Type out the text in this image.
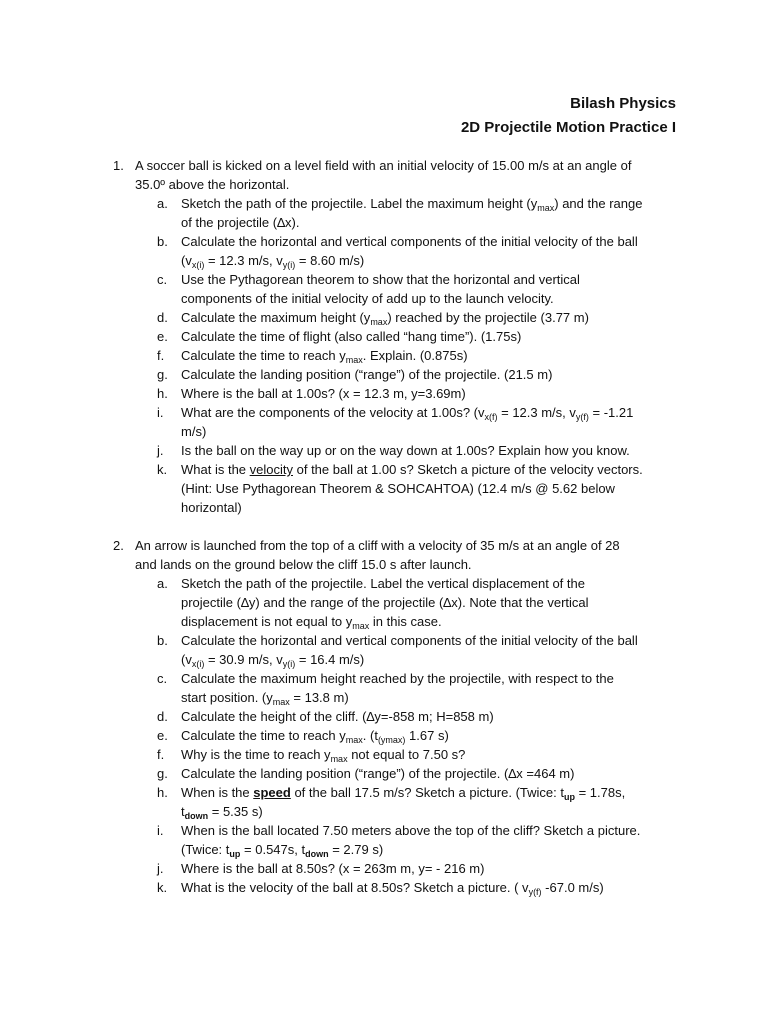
Bilash Physics
2D Projectile Motion Practice I
1. A soccer ball is kicked on a level field with an initial velocity of 15.00 m/s at an angle of
35.0º above the horizontal.
a. Sketch the path of the projectile. Label the maximum height $(y_{max})$ and the range
of the projectile (∆x).
b. Calculate the horizontal and vertical components of the initial velocity of the ball
($v_{x(i)} = 12.3$ m/s, $v_{y(i)} = 8.60$ m/s)
c. Use the Pythagorean theorem to show that the horizontal and vertical
components of the initial velocity of add up to the launch velocity.
d. Calculate the maximum height $(y_{max})$ reached by the projectile (3.77 m)
e. Calculate the time of flight (also called “hang time”). (1.75s)
f. Calculate the time to reach $y_{max}$. Explain. (0.875s)
g. Calculate the landing position (“range”) of the projectile. (21.5 m)
h. Where is the ball at 1.00s? (x = 12.3 m, y=3.69m)
i. What are the components of the velocity at 1.00s? ($v_{x(f)} = 12.3$ m/s, $v_{y(f)} = -1.21$
m/s)
j. Is the ball on the way up or on the way down at 1.00s? Explain how you know.
k. What is the velocity of the ball at 1.00 s? Sketch a picture of the velocity vectors.
(Hint: Use Pythagorean Theorem & SOHCAHTOA) (12.4 m/s @ 5.62 below
horizontal)
2. An arrow is launched from the top of a cliff with a velocity of 35 m/s at an angle of 28
and lands on the ground below the cliff 15.0 s after launch.
a. Sketch the path of the projectile. Label the vertical displacement of the
projectile (∆y) and the range of the projectile (∆x). Note that the vertical
displacement is not equal to $y_{max}$ in this case.
b. Calculate the horizontal and vertical components of the initial velocity of the ball
($v_{x(i)} = 30.9$ m/s, $v_{y(i)} = 16.4$ m/s)
c. Calculate the maximum height reached by the projectile, with respect to the
start position. ($y_{max} = 13.8$ m)
d. Calculate the height of the cliff. (∆y=-858 m; H=858 m)
e. Calculate the time to reach $y_{max}$. ($t_{(ymax)}$ 1.67 s)
f. Why is the time to reach $y_{max}$ not equal to 7.50 s?
g. Calculate the landing position (“range”) of the projectile. (∆x =464 m)
h. When is the speed of the ball 17.5 m/s? Sketch a picture. (Twice: $t_{up} = 1.78s$,
$t_{down} = 5.35$ s)
i. When is the ball located 7.50 meters above the top of the cliff? Sketch a picture.
(Twice: $t_{up} = 0.547s$, $t_{down} = 2.79$ s)
j. Where is the ball at 8.50s? (x = 263m m, y= - 216 m)
k. What is the velocity of the ball at 8.50s? Sketch a picture. ( $v_{y(f)}$ -67.0 m/s)
